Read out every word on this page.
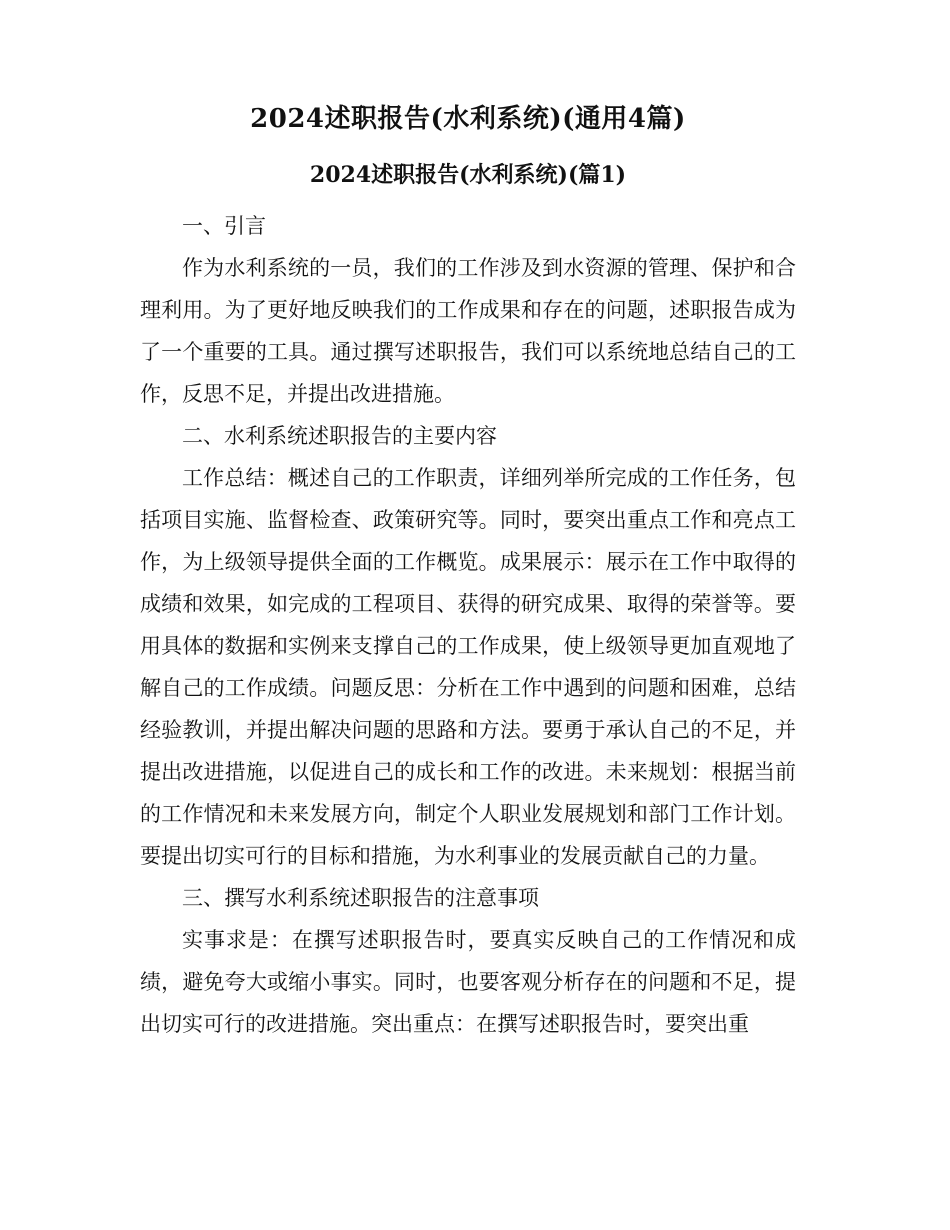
2024述职报告(水利系统)(通用4篇)
2024述职报告(水利系统)(篇1)

一、引言

作为水利系统的一员，我们的工作涉及到水资源的管理、保护和合理利用。为了更好地反映我们的工作成果和存在的问题，述职报告成为了一个重要的工具。通过撰写述职报告，我们可以系统地总结自己的工作，反思不足，并提出改进措施。

二、水利系统述职报告的主要内容

工作总结：概述自己的工作职责，详细列举所完成的工作任务，包括项目实施、监督检查、政策研究等。同时，要突出重点工作和亮点工作，为上级领导提供全面的工作概览。成果展示：展示在工作中取得的成绩和效果，如完成的工程项目、获得的研究成果、取得的荣誉等。要用具体的数据和实例来支撑自己的工作成果，使上级领导更加直观地了解自己的工作成绩。问题反思：分析在工作中遇到的问题和困难，总结经验教训，并提出解决问题的思路和方法。要勇于承认自己的不足，并提出改进措施，以促进自己的成长和工作的改进。未来规划：根据当前的工作情况和未来发展方向，制定个人职业发展规划和部门工作计划。要提出切实可行的目标和措施，为水利事业的发展贡献自己的力量。

三、撰写水利系统述职报告的注意事项

实事求是：在撰写述职报告时，要真实反映自己的工作情况和成绩，避免夸大或缩小事实。同时，也要客观分析存在的问题和不足，提出切实可行的改进措施。突出重点：在撰写述职报告时，要突出重
